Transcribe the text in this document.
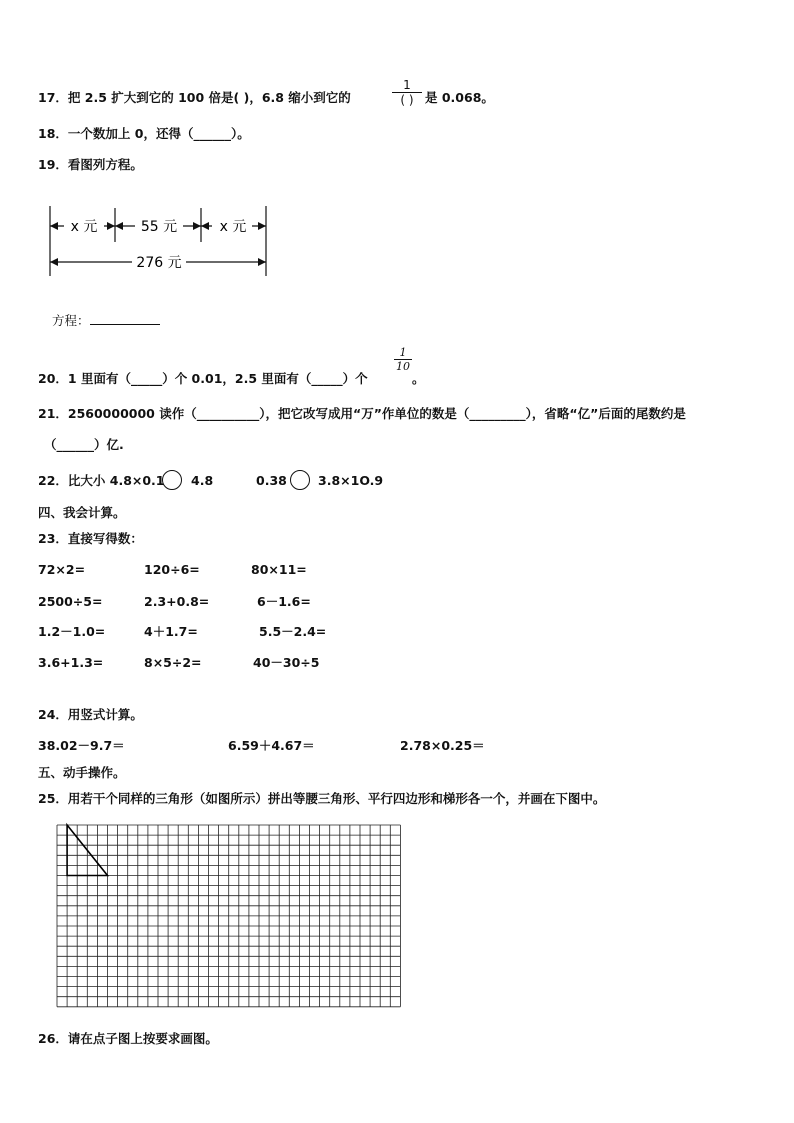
17．把 2.5 扩大到它的 100 倍是( )，6.8 缩小到它的
1
( ) 是 0.068。
18．一个数加上 0，还得（______）。
19．看图列方程。
x 元	55 元	x 元
276 元
方程：
20．1 里面有（_____）个 0.01，2.5 里面有（_____）个
$\frac{1}{10}$
。
21．2560000000 读作（__________），把它改写成用“万”作单位的数是（_________），省略“亿”后面的尾数约是
（______）亿.
22．比大小 4.8×0.1 4.8	0.38 3.8×1O.9
四、我会计算。
23．直接写得数：
72×2=	120÷6=	80×11=
2500÷5=	2.3+0.8=	6－1.6=
1.2－1.0=	4＋1.7=	5.5－2.4=
3.6+1.3=	8×5÷2=	40－30÷5
24．用竖式计算。
38.02－9.7＝	6.59＋4.67＝	2.78×0.25＝
五、动手操作。
25．用若干个同样的三角形（如图所示）拼出等腰三角形、平行四边形和梯形各一个，并画在下图中。
26．请在点子图上按要求画图。
